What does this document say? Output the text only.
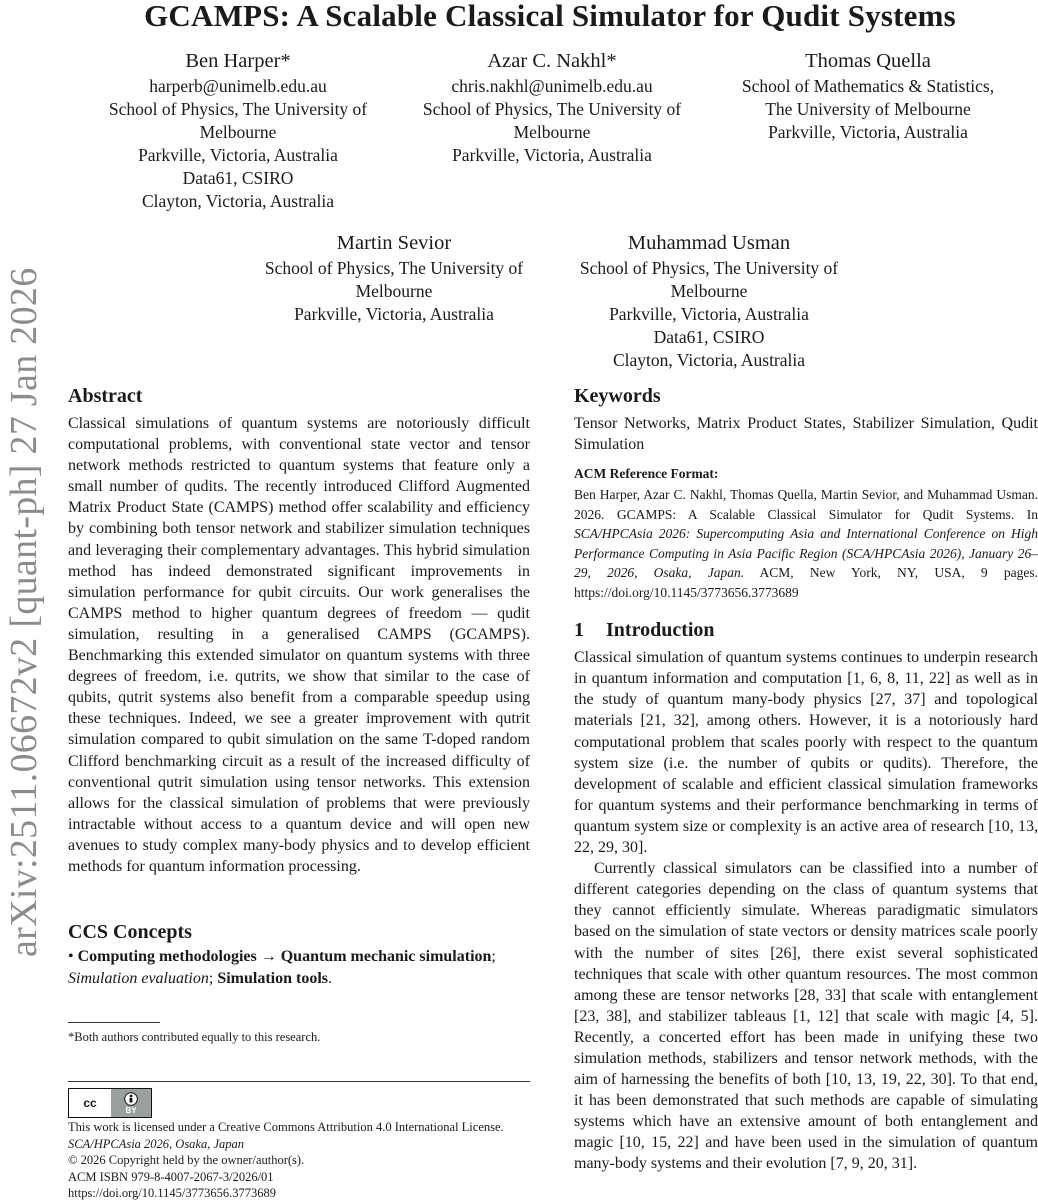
GCAMPS: A Scalable Classical Simulator for Qudit Systems
arXiv:2511.06672v2 [quant-ph] 27 Jan 2026
Ben Harper*
harperb@unimelb.edu.au
School of Physics, The University of
Melbourne
Parkville, Victoria, Australia
Data61, CSIRO
Clayton, Victoria, Australia
Azar C. Nakhl*
chris.nakhl@unimelb.edu.au
School of Physics, The University of
Melbourne
Parkville, Victoria, Australia
Thomas Quella
School of Mathematics & Statistics,
The University of Melbourne
Parkville, Victoria, Australia
Martin Sevior
School of Physics, The University of
Melbourne
Parkville, Victoria, Australia
Muhammad Usman
School of Physics, The University of
Melbourne
Parkville, Victoria, Australia
Data61, CSIRO
Clayton, Victoria, Australia
Abstract

Classical simulations of quantum systems are notoriously difficult computational problems, with conventional state vector and tensor network methods restricted to quantum systems that feature only a small number of qudits. The recently introduced Clifford Augmented Matrix Product State (CAMPS) method offer scalability and efficiency by combining both tensor network and stabilizer simulation techniques and leveraging their complementary advantages. This hybrid simulation method has indeed demonstrated significant improvements in simulation performance for qubit circuits. Our work generalises the CAMPS method to higher quantum degrees of freedom — qudit simulation, resulting in a generalised CAMPS (GCAMPS). Benchmarking this extended simulator on quantum systems with three degrees of freedom, i.e. qutrits, we show that similar to the case of qubits, qutrit systems also benefit from a comparable speedup using these techniques. Indeed, we see a greater improvement with qutrit simulation compared to qubit simulation on the same T-doped random Clifford benchmarking circuit as a result of the increased difficulty of conventional qutrit simulation using tensor networks. This extension allows for the classical simulation of problems that were previously intractable without access to a quantum device and will open new avenues to study complex many-body physics and to develop efficient methods for quantum information processing.

CCS Concepts
• Computing methodologies → Quantum mechanic simulation; Simulation evaluation; Simulation tools.
*Both authors contributed equally to this research.
cc	BY
This work is licensed under a Creative Commons Attribution 4.0 International License.
SCA/HPCAsia 2026, Osaka, Japan
© 2026 Copyright held by the owner/author(s).
ACM ISBN 979-8-4007-2067-3/2026/01
https://doi.org/10.1145/3773656.3773689
Keywords

Tensor Networks, Matrix Product States, Stabilizer Simulation, Qudit Simulation

ACM Reference Format:

Ben Harper, Azar C. Nakhl, Thomas Quella, Martin Sevior, and Muhammad Usman. 2026. GCAMPS: A Scalable Classical Simulator for Qudit Systems. In SCA/HPCAsia 2026: Supercomputing Asia and International Conference on High Performance Computing in Asia Pacific Region (SCA/HPCAsia 2026), January 26–29, 2026, Osaka, Japan. ACM, New York, NY, USA, 9 pages. https://doi.org/10.1145/3773656.3773689

1 Introduction

Classical simulation of quantum systems continues to underpin research in quantum information and computation [1, 6, 8, 11, 22] as well as in the study of quantum many-body physics [27, 37] and topological materials [21, 32], among others. However, it is a notoriously hard computational problem that scales poorly with respect to the quantum system size (i.e. the number of qubits or qudits). Therefore, the development of scalable and efficient classical simulation frameworks for quantum systems and their performance benchmarking in terms of quantum system size or complexity is an active area of research [10, 13, 22, 29, 30].

Currently classical simulators can be classified into a number of different categories depending on the class of quantum systems that they cannot efficiently simulate. Whereas paradigmatic simulators based on the simulation of state vectors or density matrices scale poorly with the number of sites [26], there exist several sophisticated techniques that scale with other quantum resources. The most common among these are tensor networks [28, 33] that scale with entanglement [23, 38], and stabilizer tableaus [1, 12] that scale with magic [4, 5]. Recently, a concerted effort has been made in unifying these two simulation methods, stabilizers and tensor network methods, with the aim of harnessing the benefits of both [10, 13, 19, 22, 30]. To that end, it has been demonstrated that such methods are capable of simulating systems which have an extensive amount of both entanglement and magic [10, 15, 22] and have been used in the simulation of quantum many-body systems and their evolution [7, 9, 20, 31].
